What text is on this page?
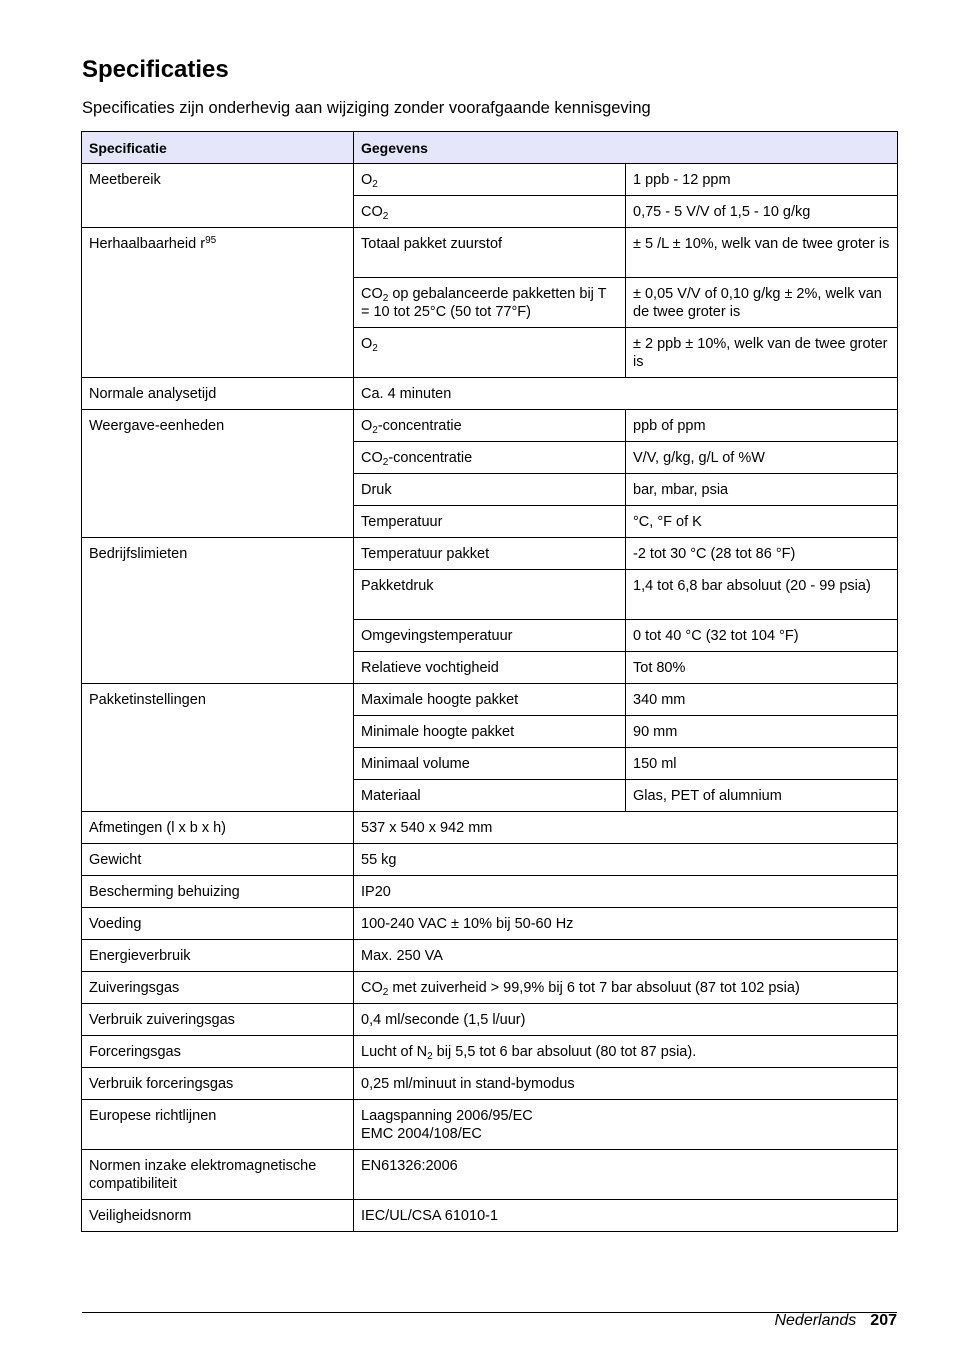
Specificaties

Specificaties zijn onderhevig aan wijziging zonder voorafgaande kennisgeving

Specificatie	Gegevens	
Meetbereik	$O_2$	1 ppb - 12 ppm
	$CO_2$	0,75 - 5 V/V of 1,5 - 10 g/kg
Herhaalbaarheid $r^{95}$	Totaal pakket zuurstof	± 5 /L ± 10%, welk van de twee groter is
	$CO_2$ op gebalanceerde pakketten bij T = 10 tot 25°C (50 tot 77°F)	± 0,05 V/V of 0,10 g/kg ± 2%, welk van de twee groter is
	$O_2$	± 2 ppb ± 10%, welk van de twee groter is
Normale analysetijd	Ca. 4 minuten	
Weergave-eenheden	$O_2$-concentratie	ppb of ppm
	$CO_2$-concentratie	V/V, g/kg, g/L of %W
	Druk	bar, mbar, psia
	Temperatuur	°C, °F of K
Bedrijfslimieten	Temperatuur pakket	-2 tot 30 °C (28 tot 86 °F)
	Pakketdruk	1,4 tot 6,8 bar absoluut (20 - 99 psia)
	Omgevingstemperatuur	0 tot 40 °C (32 tot 104 °F)
	Relatieve vochtigheid	Tot 80%
Pakketinstellingen	Maximale hoogte pakket	340 mm
	Minimale hoogte pakket	90 mm
	Minimaal volume	150 ml
	Materiaal	Glas, PET of alumnium
Afmetingen (l x b x h)	537 x 540 x 942 mm	
Gewicht	55 kg	
Bescherming behuizing	IP20	
Voeding	100-240 VAC ± 10% bij 50-60 Hz	
Energieverbruik	Max. 250 VA	
Zuiveringsgas	$CO_2$ met zuiverheid > 99,9% bij 6 tot 7 bar absoluut (87 tot 102 psia)	
Verbruik zuiveringsgas	0,4 ml/seconde (1,5 l/uur)	
Forceringsgas	Lucht of $N_2$ bij 5,5 tot 6 bar absoluut (80 tot 87 psia).	
Verbruik forceringsgas	0,25 ml/minuut in stand-bymodus	
Europese richtlijnen	Laagspanning 2006/95/EC
EMC 2004/108/EC	
Normen inzake elektromagnetische compatibiliteit	EN61326:2006	
Veiligheidsnorm	IEC/UL/CSA 61010-1	
Nederlands 207
